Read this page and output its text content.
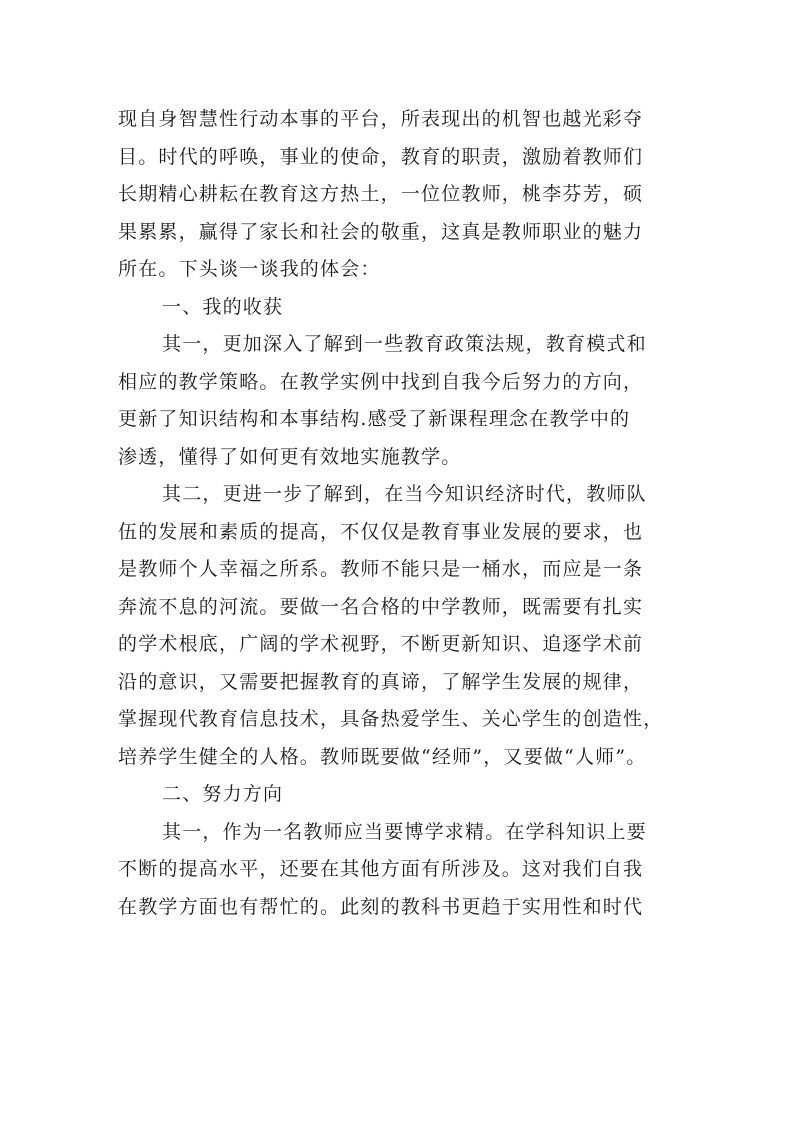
现自身智慧性行动本事的平台，所表现出的机智也越光彩夺
目。时代的呼唤，事业的使命，教育的职责，激励着教师们
长期精心耕耘在教育这方热土，一位位教师，桃李芬芳，硕
果累累，赢得了家长和社会的敬重，这真是教师职业的魅力
所在。下头谈一谈我的体会：
一、我的收获
其一，更加深入了解到一些教育政策法规，教育模式和
相应的教学策略。在教学实例中找到自我今后努力的方向，
更新了知识结构和本事结构.感受了新课程理念在教学中的
渗透，懂得了如何更有效地实施教学。
其二，更进一步了解到，在当今知识经济时代，教师队
伍的发展和素质的提高，不仅仅是教育事业发展的要求，也
是教师个人幸福之所系。教师不能只是一桶水，而应是一条
奔流不息的河流。要做一名合格的中学教师，既需要有扎实
的学术根底，广阔的学术视野，不断更新知识、追逐学术前
沿的意识，又需要把握教育的真谛，了解学生发展的规律，
掌握现代教育信息技术，具备热爱学生、关心学生的创造性，
培养学生健全的人格。教师既要做“经师”，又要做“人师”。
二、努力方向
其一，作为一名教师应当要博学求精。在学科知识上要
不断的提高水平，还要在其他方面有所涉及。这对我们自我
在教学方面也有帮忙的。此刻的教科书更趋于实用性和时代
